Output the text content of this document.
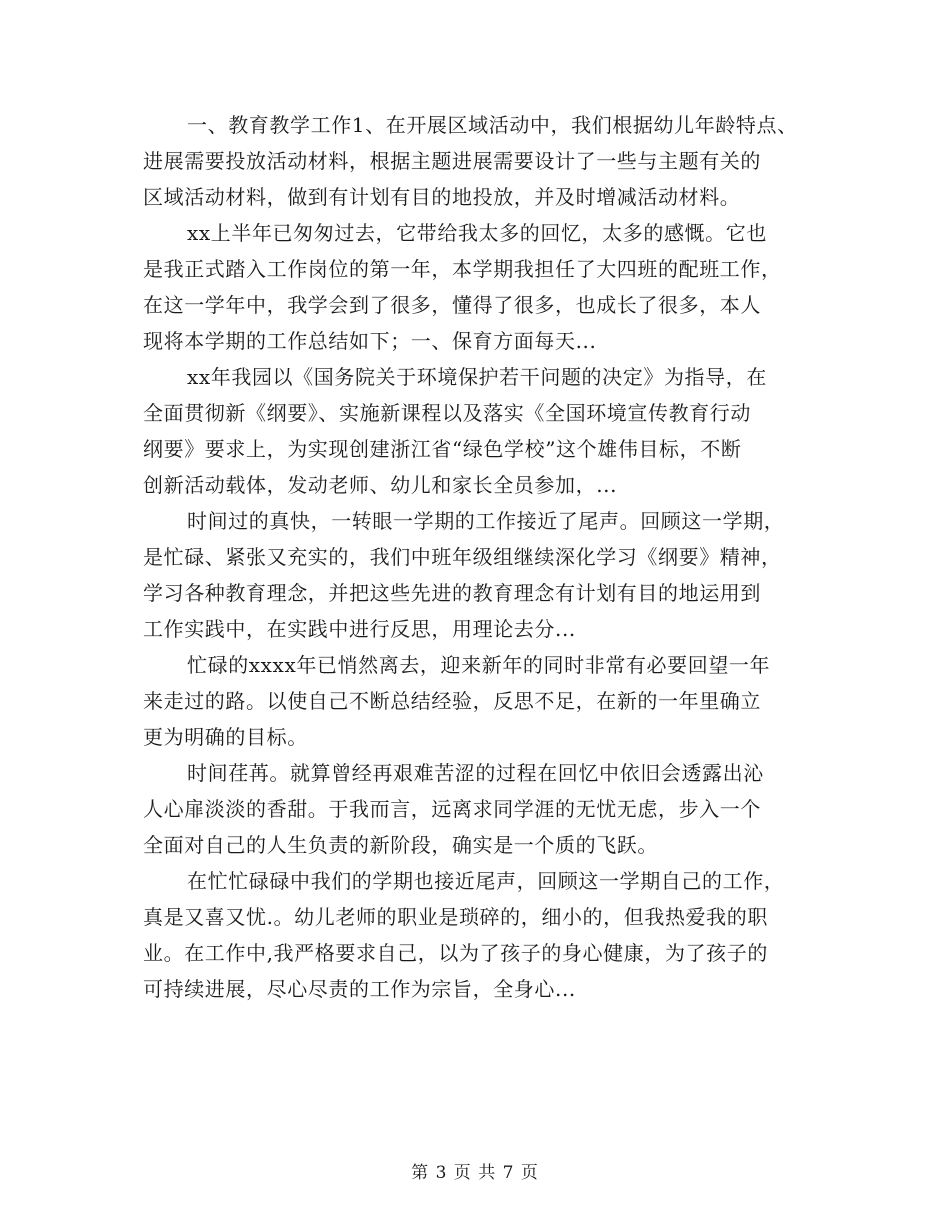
一、教育教学工作1、在开展区域活动中，我们根据幼儿年龄特点、
进展需要投放活动材料，根据主题进展需要设计了一些与主题有关的
区域活动材料，做到有计划有目的地投放，并及时增减活动材料。
xx上半年已匆匆过去，它带给我太多的回忆，太多的感慨。它也
是我正式踏入工作岗位的第一年，本学期我担任了大四班的配班工作，
在这一学年中，我学会到了很多，懂得了很多，也成长了很多，本人
现将本学期的工作总结如下；一、保育方面每天...
xx年我园以《国务院关于环境保护若干问题的决定》为指导，在
全面贯彻新《纲要》、实施新课程以及落实《全国环境宣传教育行动
纲要》要求上，为实现创建浙江省“绿色学校”这个雄伟目标，不断
创新活动载体，发动老师、幼儿和家长全员参加，...
时间过的真快，一转眼一学期的工作接近了尾声。回顾这一学期，
是忙碌、紧张又充实的，我们中班年级组继续深化学习《纲要》精神，
学习各种教育理念，并把这些先进的教育理念有计划有目的地运用到
工作实践中，在实践中进行反思，用理论去分...
忙碌的xxxx年已悄然离去，迎来新年的同时非常有必要回望一年
来走过的路。以使自己不断总结经验，反思不足，在新的一年里确立
更为明确的目标。
时间荏苒。就算曾经再艰难苦涩的过程在回忆中依旧会透露出沁
人心扉淡淡的香甜。于我而言，远离求同学涯的无忧无虑，步入一个
全面对自己的人生负责的新阶段，确实是一个质的飞跃。
在忙忙碌碌中我们的学期也接近尾声，回顾这一学期自己的工作，
真是又喜又忧.。幼儿老师的职业是琐碎的，细小的，但我热爱我的职
业。在工作中,我严格要求自己，以为了孩子的身心健康，为了孩子的
可持续进展，尽心尽责的工作为宗旨，全身心...
第 3 页 共 7 页
